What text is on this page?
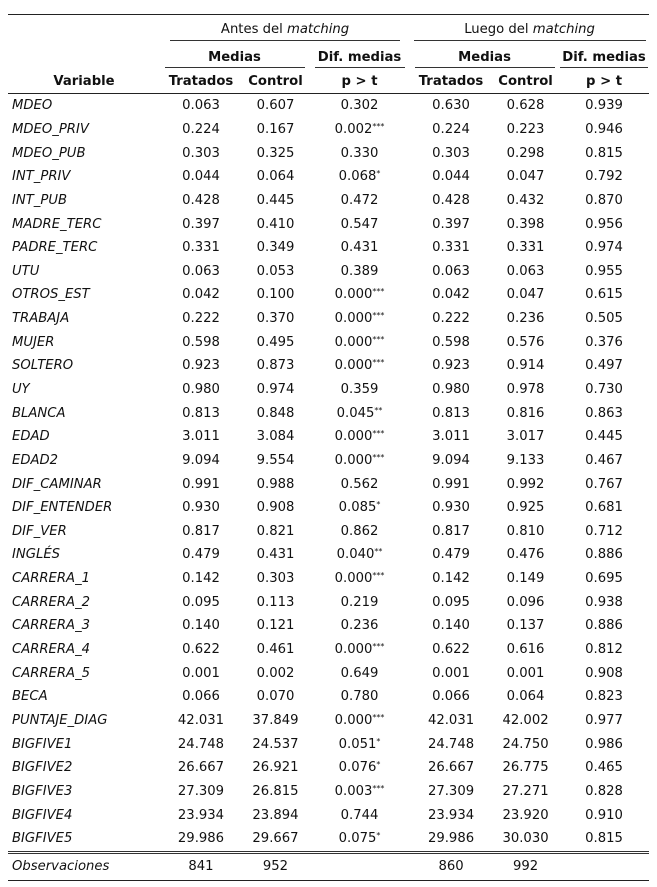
	Antes del matching			Luego del matching		
	Medias		Dif. medias	Medias		Dif. medias
Variable	Tratados	Control	p > t	Tratados	Control	p > t
MDEO	0.063	0.607	0.302	0.630	0.628	0.939
MDEO_PRIV	0.224	0.167	0.002***	0.224	0.223	0.946
MDEO_PUB	0.303	0.325	0.330	0.303	0.298	0.815
INT_PRIV	0.044	0.064	0.068*	0.044	0.047	0.792
INT_PUB	0.428	0.445	0.472	0.428	0.432	0.870
MADRE_TERC	0.397	0.410	0.547	0.397	0.398	0.956
PADRE_TERC	0.331	0.349	0.431	0.331	0.331	0.974
UTU	0.063	0.053	0.389	0.063	0.063	0.955
OTROS_EST	0.042	0.100	0.000***	0.042	0.047	0.615
TRABAJA	0.222	0.370	0.000***	0.222	0.236	0.505
MUJER	0.598	0.495	0.000***	0.598	0.576	0.376
SOLTERO	0.923	0.873	0.000***	0.923	0.914	0.497
UY	0.980	0.974	0.359	0.980	0.978	0.730
BLANCA	0.813	0.848	0.045**	0.813	0.816	0.863
EDAD	3.011	3.084	0.000***	3.011	3.017	0.445
EDAD2	9.094	9.554	0.000***	9.094	9.133	0.467
DIF_CAMINAR	0.991	0.988	0.562	0.991	0.992	0.767
DIF_ENTENDER	0.930	0.908	0.085*	0.930	0.925	0.681
DIF_VER	0.817	0.821	0.862	0.817	0.810	0.712
INGLÉS	0.479	0.431	0.040**	0.479	0.476	0.886
CARRERA_1	0.142	0.303	0.000***	0.142	0.149	0.695
CARRERA_2	0.095	0.113	0.219	0.095	0.096	0.938
CARRERA_3	0.140	0.121	0.236	0.140	0.137	0.886
CARRERA_4	0.622	0.461	0.000***	0.622	0.616	0.812
CARRERA_5	0.001	0.002	0.649	0.001	0.001	0.908
BECA	0.066	0.070	0.780	0.066	0.064	0.823
PUNTAJE_DIAG	42.031	37.849	0.000***	42.031	42.002	0.977
BIGFIVE1	24.748	24.537	0.051*	24.748	24.750	0.986
BIGFIVE2	26.667	26.921	0.076*	26.667	26.775	0.465
BIGFIVE3	27.309	26.815	0.003***	27.309	27.271	0.828
BIGFIVE4	23.934	23.894	0.744	23.934	23.920	0.910
BIGFIVE5	29.986	29.667	0.075*	29.986	30.030	0.815
Observaciones	841	952		860	992	
